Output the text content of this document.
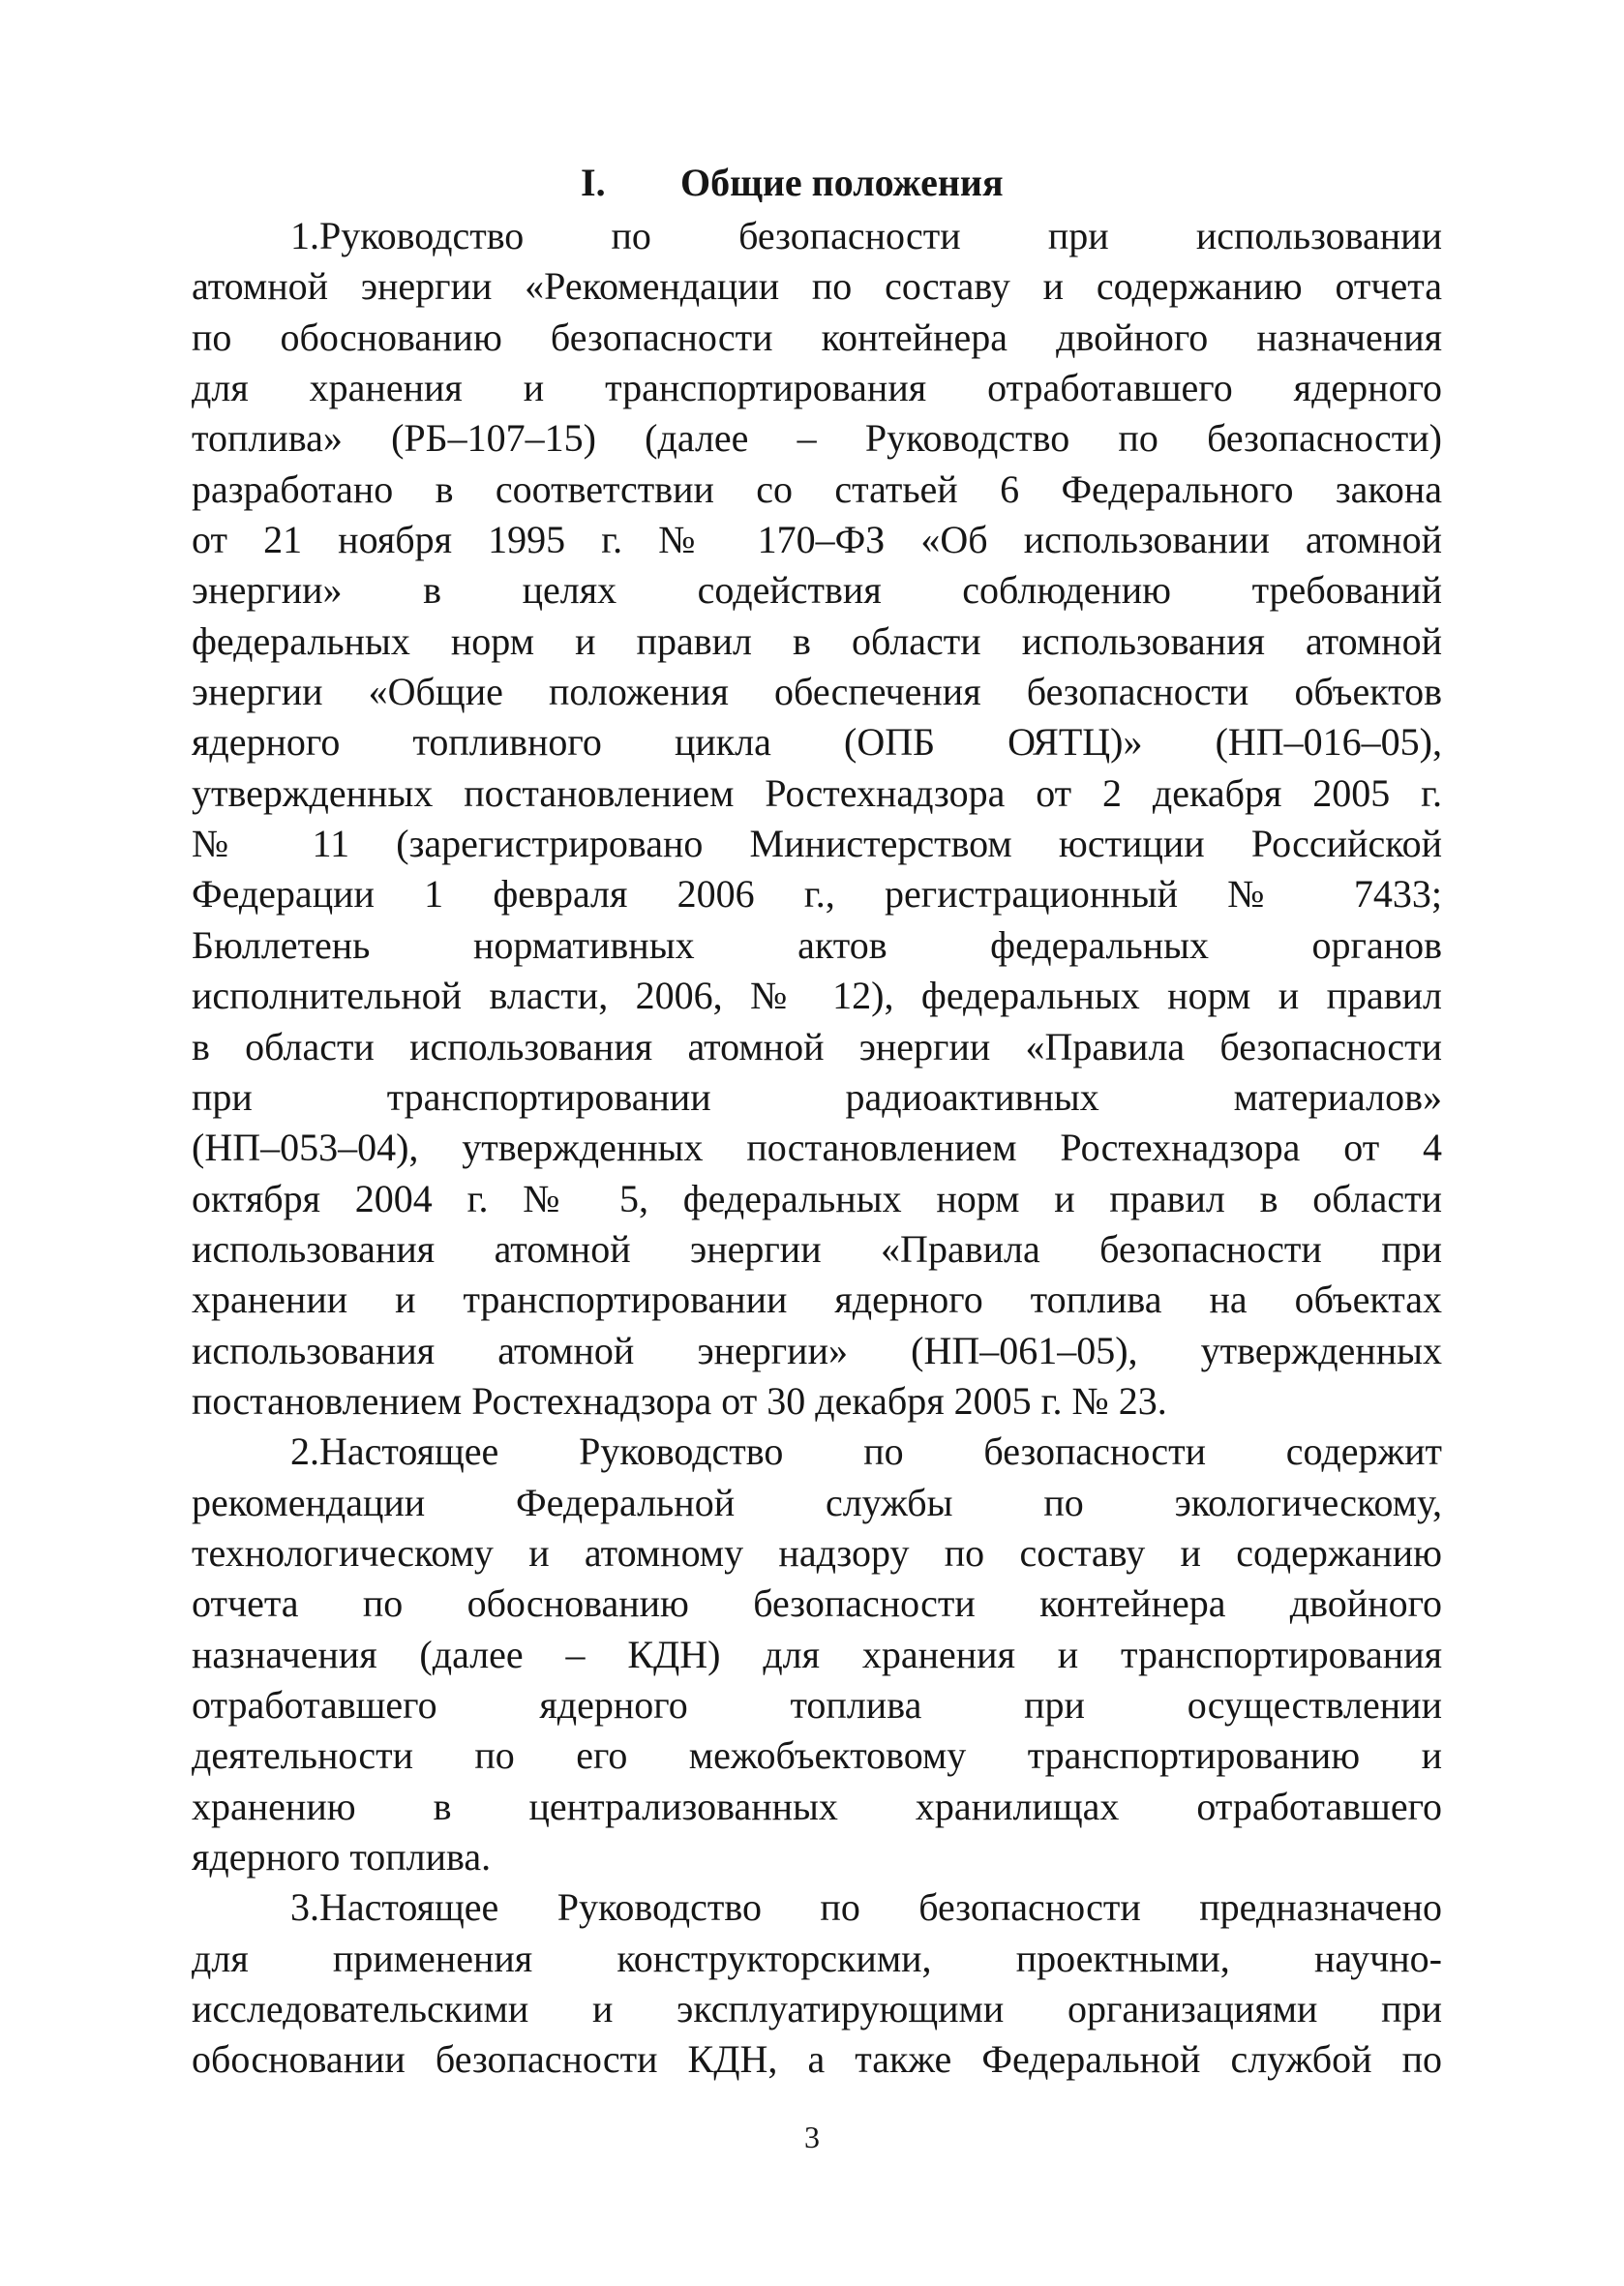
I. Общие положения
1.Руководство по безопасности при использовании
атомной энергии «Рекомендации по составу и содержанию отчета
по обоснованию безопасности контейнера двойного назначения
для хранения и транспортирования отработавшего ядерного
топлива» (РБ–107–15) (далее – Руководство по безопасности)
разработано в соответствии со статьей 6 Федерального закона
от 21 ноября 1995 г. № 170–ФЗ «Об использовании атомной
энергии» в целях содействия соблюдению требований
федеральных норм и правил в области использования атомной
энергии «Общие положения обеспечения безопасности объектов
ядерного топливного цикла (ОПБ ОЯТЦ)» (НП–016–05),
утвержденных постановлением Ростехнадзора от 2 декабря 2005 г.
№ 11 (зарегистрировано Министерством юстиции Российской
Федерации 1 февраля 2006 г., регистрационный № 7433;
Бюллетень нормативных актов федеральных органов
исполнительной власти, 2006, № 12), федеральных норм и правил
в области использования атомной энергии «Правила безопасности
при транспортировании радиоактивных материалов»
(НП–053–04), утвержденных постановлением Ростехнадзора от 4
октября 2004 г. № 5, федеральных норм и правил в области
использования атомной энергии «Правила безопасности при
хранении и транспортировании ядерного топлива на объектах
использования атомной энергии» (НП–061–05), утвержденных
постановлением Ростехнадзора от 30 декабря 2005 г. № 23.
2.Настоящее Руководство по безопасности содержит
рекомендации Федеральной службы по экологическому,
технологическому и атомному надзору по составу и содержанию
отчета по обоснованию безопасности контейнера двойного
назначения (далее – КДН) для хранения и транспортирования
отработавшего ядерного топлива при осуществлении
деятельности по его межобъектовому транспортированию и
хранению в централизованных хранилищах отработавшего
ядерного топлива.
3.Настоящее Руководство по безопасности предназначено
для применения конструкторскими, проектными, научно-
исследовательскими и эксплуатирующими организациями при
обосновании безопасности КДН, а также Федеральной службой по
3
